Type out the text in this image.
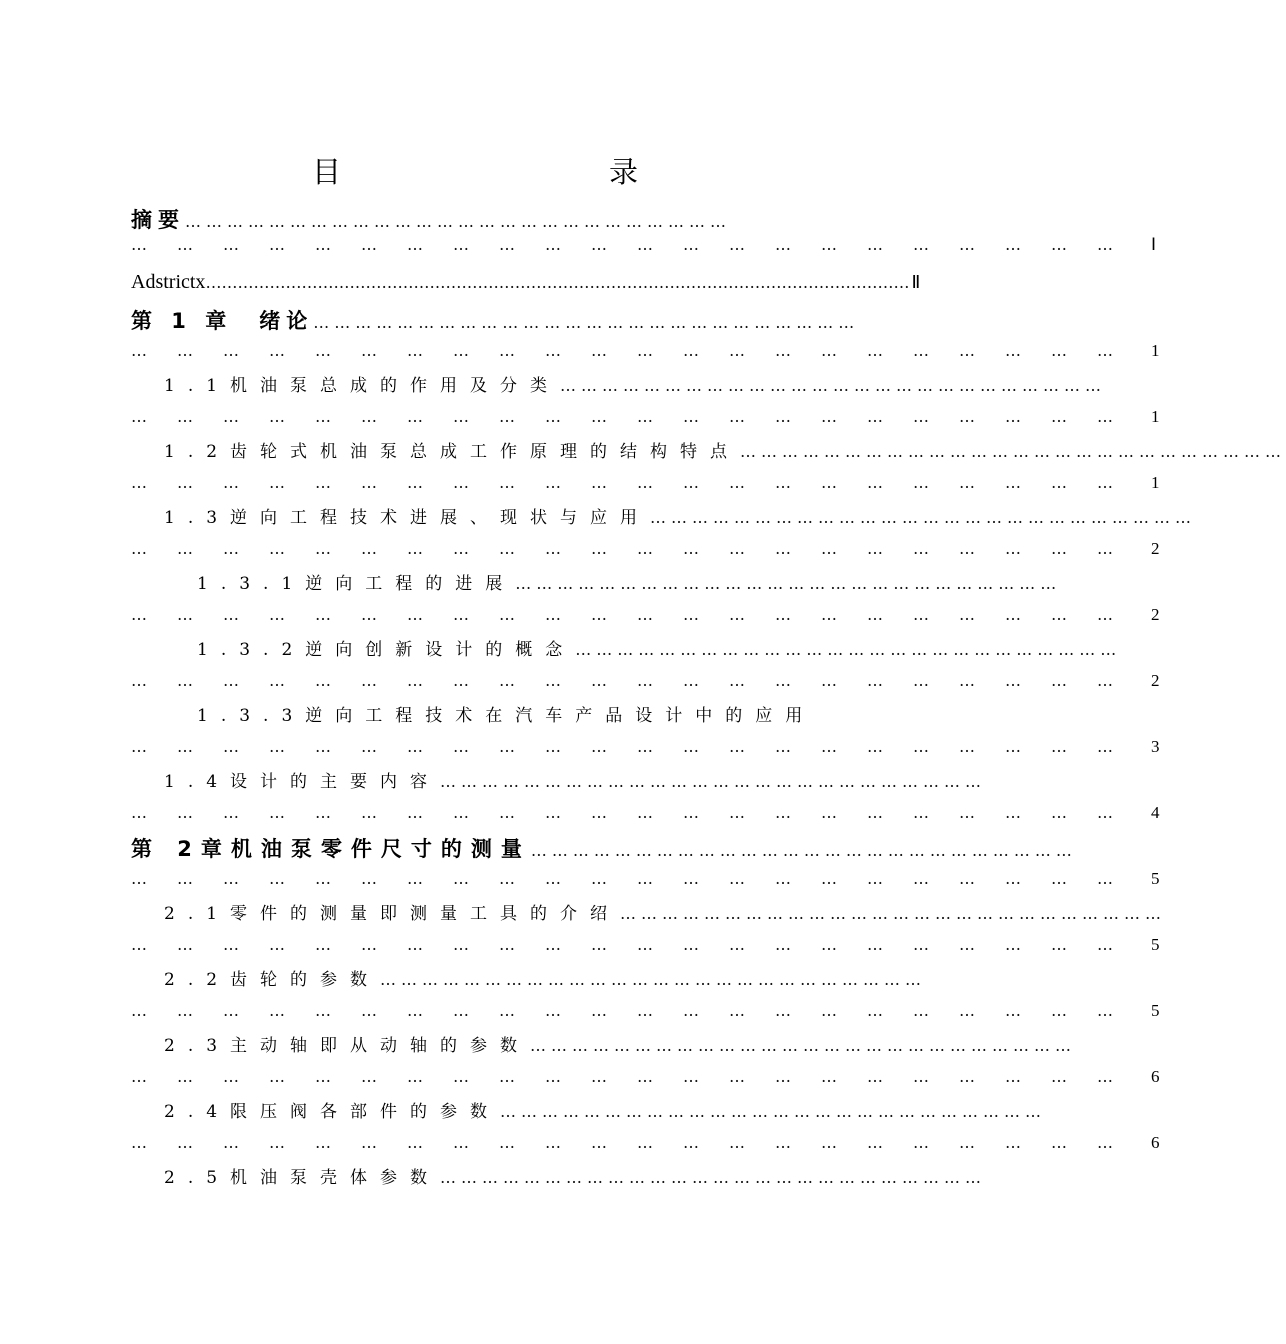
目　　录
摘要 ……………………………………………………………………
………………………………………………………… Ⅰ
Adstrictx …………………………………………………………………………………………………………………… Ⅱ
第 1 章　绪论 ……………………………………………………………………
………………………………………………………… 1
1.1机油泵总成的作用及分类 ……………………………………………………………………
………………………………………………………… 1
1.2齿轮式机油泵总成工作原理的结构特点 ……………………………………………………………………
………………………………………………………… 1
1.3逆向工程技术进展、现状与应用 ……………………………………………………………………
………………………………………………………… 2
1.3.1逆向工程的进展 ……………………………………………………………………
………………………………………………………… 2
1.3.2逆向创新设计的概念 ……………………………………………………………………
………………………………………………………… 2
1.3.3逆向工程技术在汽车产品设计中的应用
………………………………………………………… 3
1.4设计的主要内容 ……………………………………………………………………
………………………………………………………… 4
第 2章机油泵零件尺寸的测量 ……………………………………………………………………
………………………………………………………… 5
2.1零件的测量即测量工具的介绍 ……………………………………………………………………
………………………………………………………… 5
2.2齿轮的参数 ……………………………………………………………………
………………………………………………………… 5
2.3主动轴即从动轴的参数 ……………………………………………………………………
………………………………………………………… 6
2.4限压阀各部件的参数 ……………………………………………………………………
………………………………………………………… 6
2.5机油泵壳体参数 ……………………………………………………………………
